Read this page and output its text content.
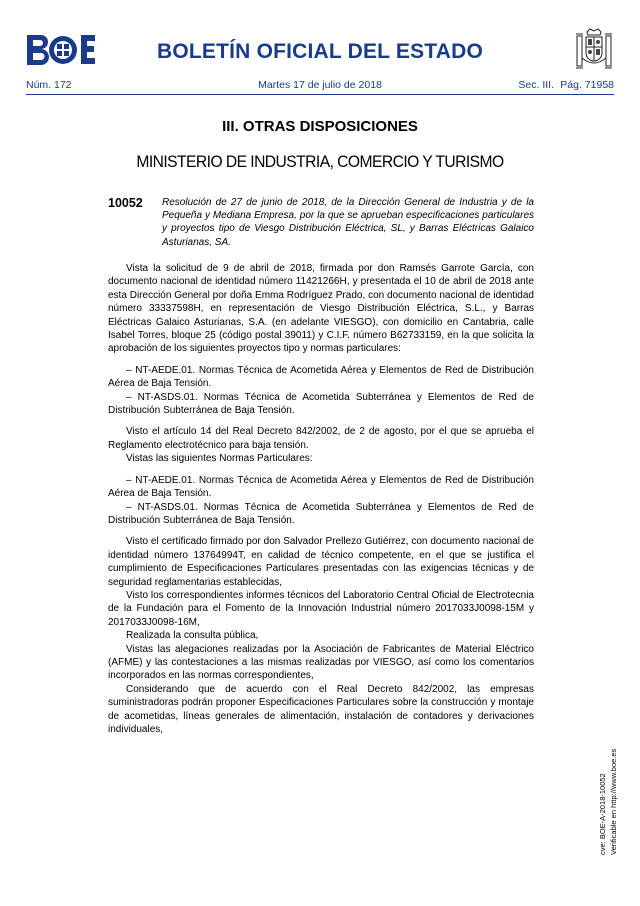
BOLETÍN OFICIAL DEL ESTADO
Núm. 172	Martes 17 de julio de 2018	Sec. III. Pág. 71958
III. OTRAS DISPOSICIONES
MINISTERIO DE INDUSTRIA, COMERCIO Y TURISMO
10052 Resolución de 27 de junio de 2018, de la Dirección General de Industria y de la Pequeña y Mediana Empresa, por la que se aprueban especificaciones particulares y proyectos tipo de Viesgo Distribución Eléctrica, SL, y Barras Eléctricas Galaico Asturianas, SA.

Vista la solicitud de 9 de abril de 2018, firmada por don Ramsés Garrote García, con documento nacional de identidad número 11421266H, y presentada el 10 de abril de 2018 ante esta Dirección General por doña Emma Rodríguez Prado, con documento nacional de identidad número 33337598H, en representación de Viesgo Distribución Eléctrica, S.L., y Barras Eléctricas Galaico Asturianas, S.A. (en adelante VIESGO), con domicilio en Cantabria, calle Isabel Torres, bloque 25 (código postal 39011) y C.I.F. número B62733159, en la que solicita la aprobación de los siguientes proyectos tipo y normas particulares:

– NT-AEDE.01. Normas Técnica de Acometida Aérea y Elementos de Red de Distribución Aérea de Baja Tensión.

– NT-ASDS.01. Normas Técnica de Acometida Subterránea y Elementos de Red de Distribución Subterránea de Baja Tensión.

Visto el artículo 14 del Real Decreto 842/2002, de 2 de agosto, por el que se aprueba el Reglamento electrotécnico para baja tensión.

Vistas las siguientes Normas Particulares:

– NT-AEDE.01. Normas Técnica de Acometida Aérea y Elementos de Red de Distribución Aérea de Baja Tensión.

– NT-ASDS.01. Normas Técnica de Acometida Subterránea y Elementos de Red de Distribución Subterránea de Baja Tensión.

Visto el certificado firmado por don Salvador Prellezo Gutiérrez, con documento nacional de identidad número 13764994T, en calidad de técnico competente, en el que se justifica el cumplimiento de Especificaciones Particulares presentadas con las exigencias técnicas y de seguridad reglamentarias establecidas,

Visto los correspondientes informes técnicos del Laboratorio Central Oficial de Electrotecnia de la Fundación para el Fomento de la Innovación Industrial número 2017033J0098-15M y 2017033J0098-16M,

Realizada la consulta pública,

Vistas las alegaciones realizadas por la Asociación de Fabricantes de Material Eléctrico (AFME) y las contestaciones a las mismas realizadas por VIESGO, así como los comentarios incorporados en las normas correspondientes,

Considerando que de acuerdo con el Real Decreto 842/2002, las empresas suministradoras podrán proponer Especificaciones Particulares sobre la construcción y montaje de acometidas, líneas generales de alimentación, instalación de contadores y derivaciones individuales,

cve: BOE-A-2018-10052 Verificable en http://www.boe.es
